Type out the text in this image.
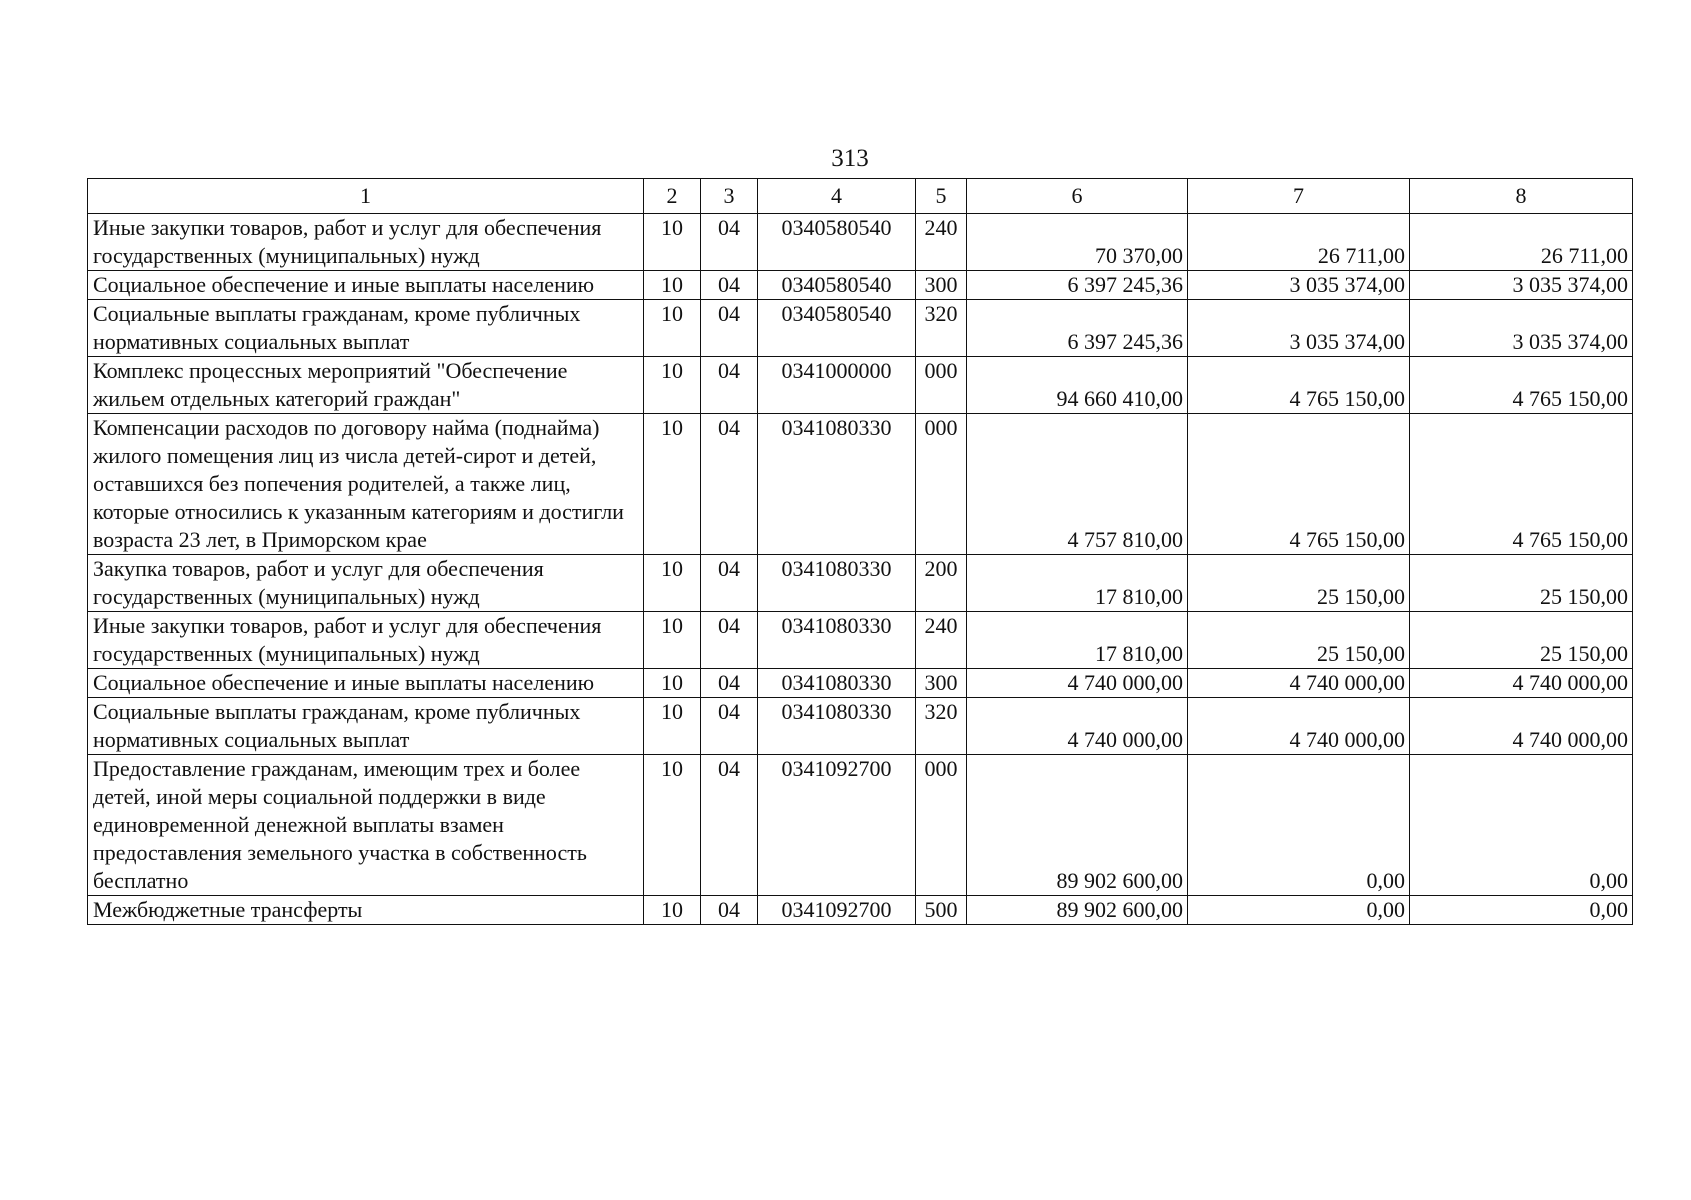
313
1	2	3	4	5	6	7	8
Иные закупки товаров, работ и услуг для обеспечения государственных (муниципальных) нужд	10	04	0340580540	240	70 370,00	26 711,00	26 711,00
Социальное обеспечение и иные выплаты населению	10	04	0340580540	300	6 397 245,36	3 035 374,00	3 035 374,00
Социальные выплаты гражданам, кроме публичных нормативных социальных выплат	10	04	0340580540	320	6 397 245,36	3 035 374,00	3 035 374,00
Комплекс процессных мероприятий "Обеспечение жильем отдельных категорий граждан"	10	04	0341000000	000	94 660 410,00	4 765 150,00	4 765 150,00
Компенсации расходов по договору найма (поднайма) жилого помещения лиц из числа детей-сирот и детей, оставшихся без попечения родителей, а также лиц, которые относились к указанным категориям и достигли возраста 23 лет, в Приморском крае	10	04	0341080330	000	4 757 810,00	4 765 150,00	4 765 150,00
Закупка товаров, работ и услуг для обеспечения государственных (муниципальных) нужд	10	04	0341080330	200	17 810,00	25 150,00	25 150,00
Иные закупки товаров, работ и услуг для обеспечения государственных (муниципальных) нужд	10	04	0341080330	240	17 810,00	25 150,00	25 150,00
Социальное обеспечение и иные выплаты населению	10	04	0341080330	300	4 740 000,00	4 740 000,00	4 740 000,00
Социальные выплаты гражданам, кроме публичных нормативных социальных выплат	10	04	0341080330	320	4 740 000,00	4 740 000,00	4 740 000,00
Предоставление гражданам, имеющим трех и более детей, иной меры социальной поддержки в виде единовременной денежной выплаты взамен предоставления земельного участка в собственность бесплатно	10	04	0341092700	000	89 902 600,00	0,00	0,00
Межбюджетные трансферты	10	04	0341092700	500	89 902 600,00	0,00	0,00
